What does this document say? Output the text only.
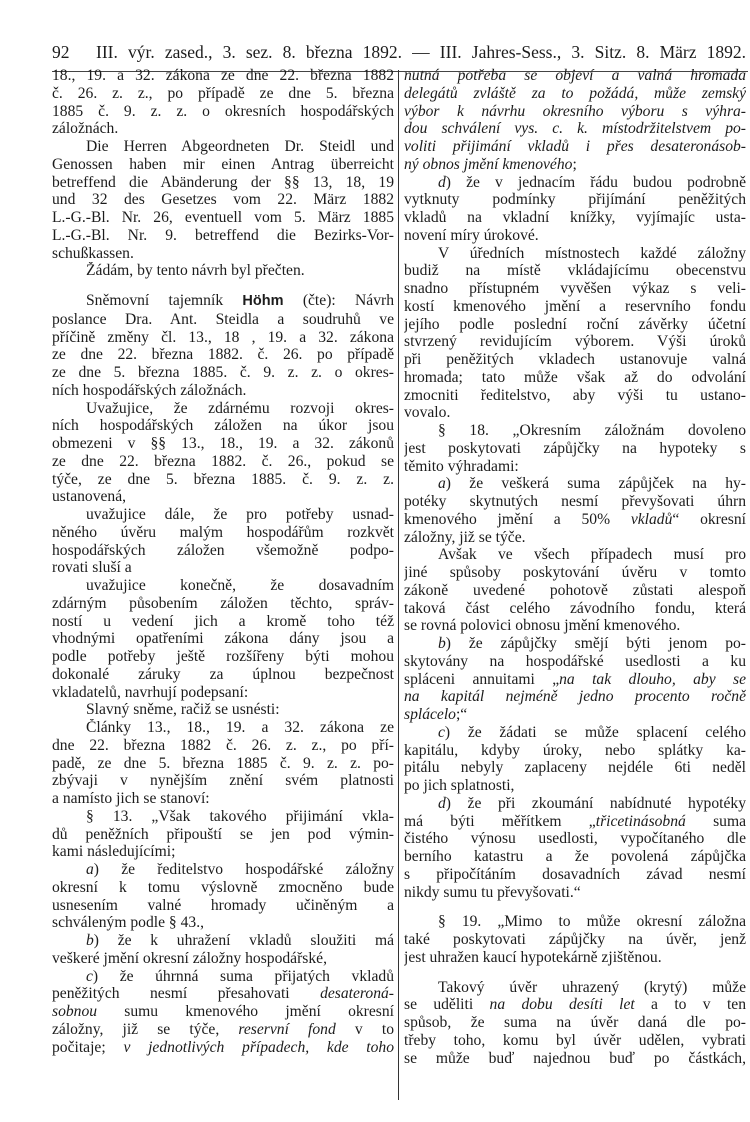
92	III. výr. zased., 3. sez. 8. března 1892. — III. Jahres-Sess., 3. Sitz. 8. März 1892.
18., 19. a 32. zákona ze dne 22. března 1882
č. 26. z. z., po případě ze dne 5. března
1885 č. 9. z. z. o okresních hospodářských
záložnách.
Die Herren Abgeordneten Dr. Steidl und
Genossen haben mir einen Antrag überreicht
betreffend die Abänderung der §§ 13, 18, 19
und 32 des Gesetzes vom 22. März 1882
L.-G.-Bl. Nr. 26, eventuell vom 5. März 1885
L.-G.-Bl. Nr. 9. betreffend die Bezirks-Vor-
schußkassen.
Žádám, by tento návrh byl přečten.
Sněmovní tajemník Höhm (čte): Návrh
poslance Dra. Ant. Steidla a soudruhů ve
příčině změny čl. 13., 18 , 19. a 32. zákona
ze dne 22. března 1882. č. 26. po případě
ze dne 5. března 1885. č. 9. z. z. o okres-
ních hospodářských záložnách.
Uvažujice, že zdárnému rozvoji okres-
ních hospodářských záložen na úkor jsou
obmezeni v §§ 13., 18., 19. a 32. zákonů
ze dne 22. března 1882. č. 26., pokud se
týče, ze dne 5. března 1885. č. 9. z. z.
ustanovená,
uvažujice dále, že pro potřeby usnad-
něného úvěru malým hospodářům rozkvět
hospodářských záložen všemožně podpo-
rovati sluší a
uvažujice konečně, že dosavadním
zdárným působením záložen těchto, správ-
ností u vedení jich a kromě toho též
vhodnými opatřeními zákona dány jsou a
podle potřeby ještě rozšířeny býti mohou
dokonalé záruky za úplnou bezpečnost
vkladatelů, navrhují podepsaní:
Slavný sněme, račiž se usnésti:
Články 13., 18., 19. a 32. zákona ze
dne 22. března 1882 č. 26. z. z., po pří-
padě, ze dne 5. března 1885 č. 9. z. z. po-
zbývaji v nynějším znění svém platnosti
a namísto jich se stanoví:
§ 13. „Však takového přijimání vkla-
dů peněžních připouští se jen pod výmin-
kami následujícími;
a) že ředitelstvo hospodářské záložny
okresní k tomu výslovně zmocněno bude
usnesením valné hromady učiněným a
schváleným podle § 43.,
b) že k uhražení vkladů sloužiti má
veškeré jmění okresní záložny hospodářské,
c) že úhrnná suma přijatých vkladů
peněžitých nesmí přesahovati desateroná-
sobnou sumu kmenového jmění okresní
záložny, již se týče, reservní fond v to
počitaje; v jednotlivých případech, kde toho
nutná potřeba se objeví a valná hromada
delegátů zvláště za to požádá, může zemský
výbor k návrhu okresního výboru s výhra-
dou schválení vys. c. k. místodržitelstvem po-
voliti přijimání vkladů i přes desateronásob-
ný obnos jmění kmenového;
d) že v jednacím řádu budou podrobně
vytknuty podmínky přijímání peněžitých
vkladů na vkladní knížky, vyjímajíc usta-
novení míry úrokové.
V úředních místnostech každé záložny
budiž na místě vkládajícímu obecenstvu
snadno přístupném vyvěšen výkaz s veli-
kostí kmenového jmění a reservního fondu
jejího podle poslední roční závěrky účetní
stvrzený revidujícím výborem. Výši úroků
při peněžitých vkladech ustanovuje valná
hromada; tato může však až do odvolání
zmocniti ředitelstvo, aby výši tu ustano-
vovalo.
§ 18. „Okresním záložnám dovoleno
jest poskytovati zápůjčky na hypoteky s
těmito výhradami:
a) že veškerá suma zápůjček na hy-
potéky skytnutých nesmí převyšovati úhrn
kmenového jmění a 50% vkladů“ okresní
záložny, již se týče.
Avšak ve všech případech musí pro
jiné spůsoby poskytování úvěru v tomto
zákoně uvedené pohotově zůstati alespoň
taková část celého závodního fondu, která
se rovná polovici obnosu jmění kmenového.
b) že zápůjčky smějí býti jenom po-
skytovány na hospodářské usedlosti a ku
spláceni annuitami „na tak dlouho, aby se
na kapitál nejméně jedno procento ročně
splácelo;“
c) že žádati se může splacení celého
kapitálu, kdyby úroky, nebo splátky ka-
pitálu nebyly zaplaceny nejdéle 6ti neděl
po jich splatnosti,
d) že při zkoumání nabídnuté hypotéky
má býti měřítkem „třicetinásobná suma
čistého výnosu usedlosti, vypočítaného dle
berního katastru a že povolená zápůjčka
s připočítáním dosavadních závad nesmí
nikdy sumu tu převyšovati.“
§ 19. „Mimo to může okresní záložna
také poskytovati zápůjčky na úvěr, jenž
jest uhražen kaucí hypotekárně zjištěnou.
Takový úvěr uhrazený (krytý) může
se uděliti na dobu desíti let a to v ten
spůsob, že suma na úvěr daná dle po-
třeby toho, komu byl úvěr udělen, vybrati
se může buď najednou buď po částkách,
